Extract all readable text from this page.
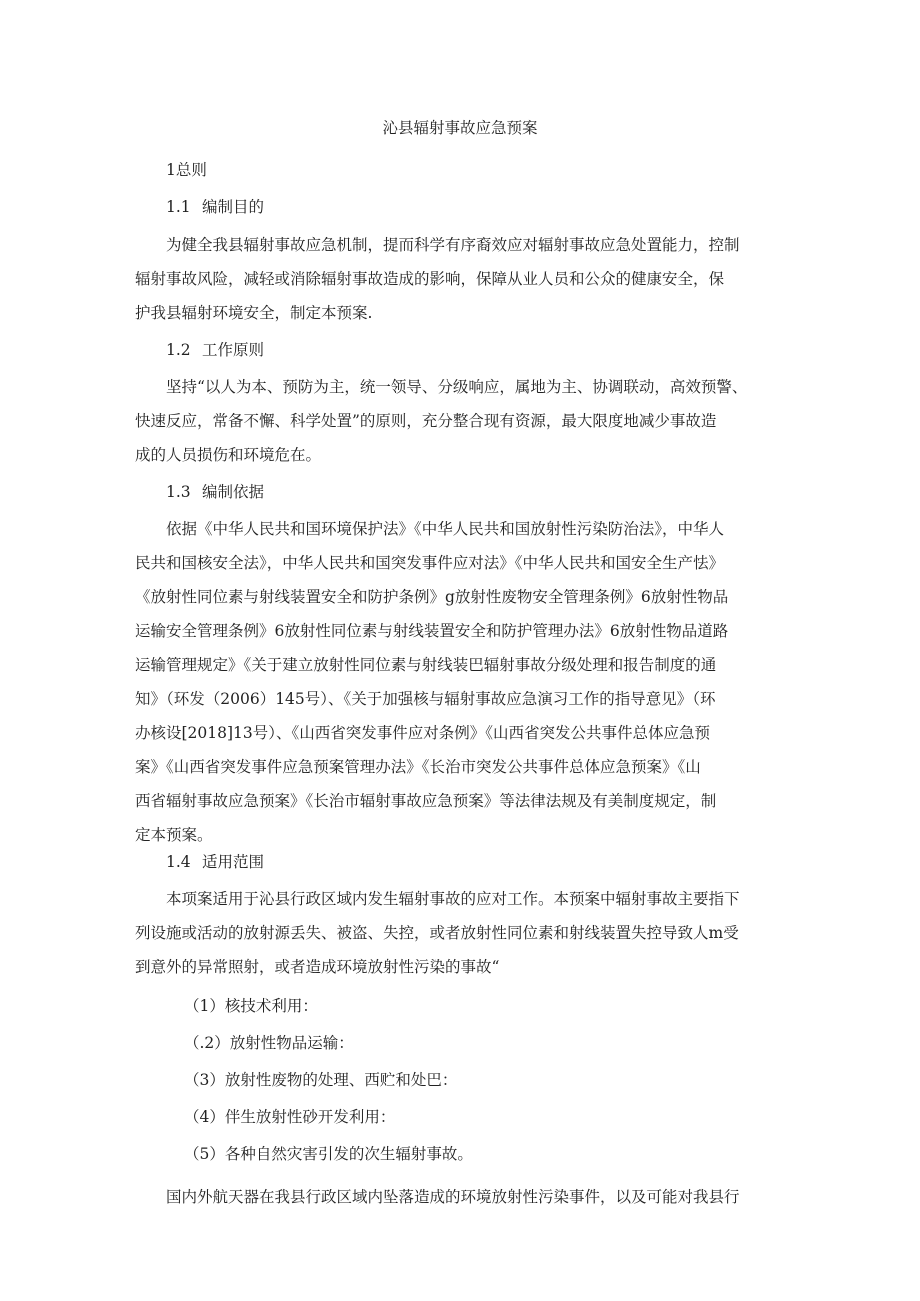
沁县辐射事故应急预案
1总则
1.1 编制目的
为健全我县辐射事故应急机制，提而科学有序裔效应对辐射事故应急处置能力，控制
辐射事故风险，减轻或消除辐射事故造成的影响，保障从业人员和公众的健康安全，保
护我县辐射环境安全，制定本预案.
1.2 工作原则
坚持“以人为本、预防为主，统一领导、分级响应，属地为主、协调联动，高效预警、
快速反应，常备不懈、科学处置”的原则，充分整合现有资源，最大限度地减少事故造
成的人员损伤和环境危在。
1.3 编制依据
依据《中华人民共和国环境保护法》《中华人民共和国放射性污染防治法》，中华人
民共和国核安全法》，中华人民共和国突发事件应对法》《中华人民共和国安全生产怯》
《放射性同位素与射线装置安全和防护条例》g放射性废物安全管理条例》6放射性物品
运输安全管理条例》6放射性同位素与射线装置安全和防护管理办法》6放射性物品道路
运输管理规定》《关于建立放射性同位素与射线装巴辐射事故分级处理和报告制度的通
知》（环发（2006）145号）、《关于加强核与辐射事故应急演习工作的指导意见》（环
办核设[2018]13号）、《山西省突发事件应对条例》《山西省突发公共事件总体应急预
案》《山西省突发事件应急预案管理办法》《长治市突发公共事件总体应急预案》《山
西省辐射事故应急预案》《长治市辐射事故应急预案》等法律法规及有美制度规定，制
定本预案。
1.4 适用范围
本项案适用于沁县行政区域内发生辐射事故的应对工作。本预案中辐射事故主要指下
列设施或活动的放射源丢失、被盗、失控，或者放射性同位素和射线装置失控导致人m受
到意外的异常照射，或者造成环境放射性污染的事故“
（1）核技术利用：
（.2）放射性物品运输：
（3）放射性废物的处理、西贮和处巴：
（4）伴生放射性砂开发利用：
（5）各种自然灾害引发的次生辐射事故。
国内外航天器在我县行政区域内坠落造成的环境放射性污染事件，以及可能对我县行
